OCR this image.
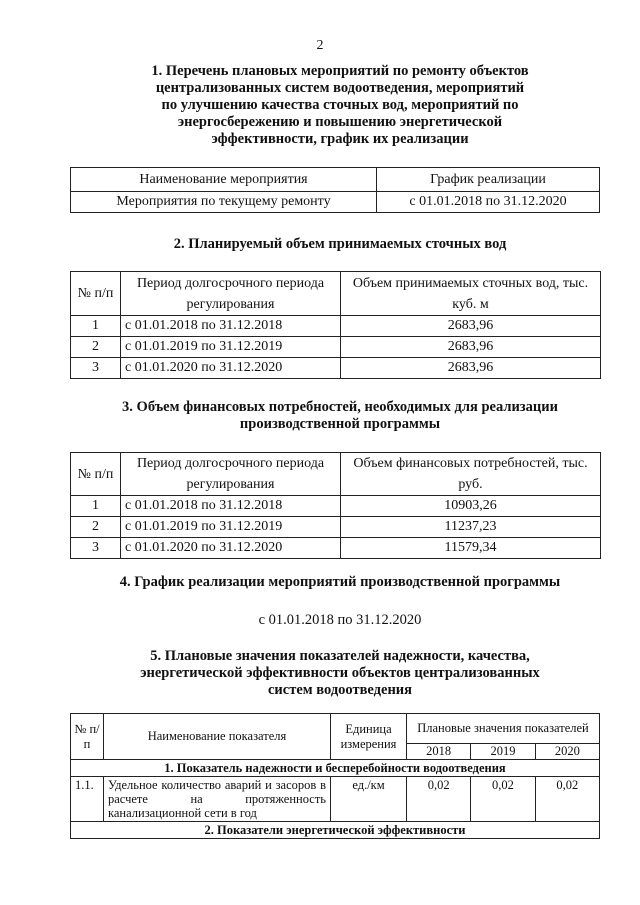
2
1. Перечень плановых мероприятий по ремонту объектов
централизованных систем водоотведения, мероприятий
по улучшению качества сточных вод, мероприятий по
энергосбережению и повышению энергетической
эффективности, график их реализации
Наименование мероприятия	График реализации
Мероприятия по текущему ремонту	с 01.01.2018 по 31.12.2020
2. Планируемый объем принимаемых сточных вод
№ п/п	Период долгосрочного периода регулирования	Объем принимаемых сточных вод, тыс. куб. м
1	с 01.01.2018 по 31.12.2018	2683,96
2	с 01.01.2019 по 31.12.2019	2683,96
3	с 01.01.2020 по 31.12.2020	2683,96
3. Объем финансовых потребностей, необходимых для реализации
производственной программы
№ п/п	Период долгосрочного периода регулирования	Объем финансовых потребностей, тыс. руб.
1	с 01.01.2018 по 31.12.2018	10903,26
2	с 01.01.2019 по 31.12.2019	11237,23
3	с 01.01.2020 по 31.12.2020	11579,34
4. График реализации мероприятий производственной программы
с 01.01.2018 по 31.12.2020
5. Плановые значения показателей надежности, качества,
энергетической эффективности объектов централизованных
систем водоотведения
№ п/п	Наименование показателя	Единица измерения	Плановые значения показателей		
			2018	2019	2020
1. Показатель надежности и бесперебойности водоотведения					
1.1.	Удельное количество аварий и засоров в расчете на протяженность канализационной сети в год	ед./км	0,02	0,02	0,02
2. Показатели энергетической эффективности					
